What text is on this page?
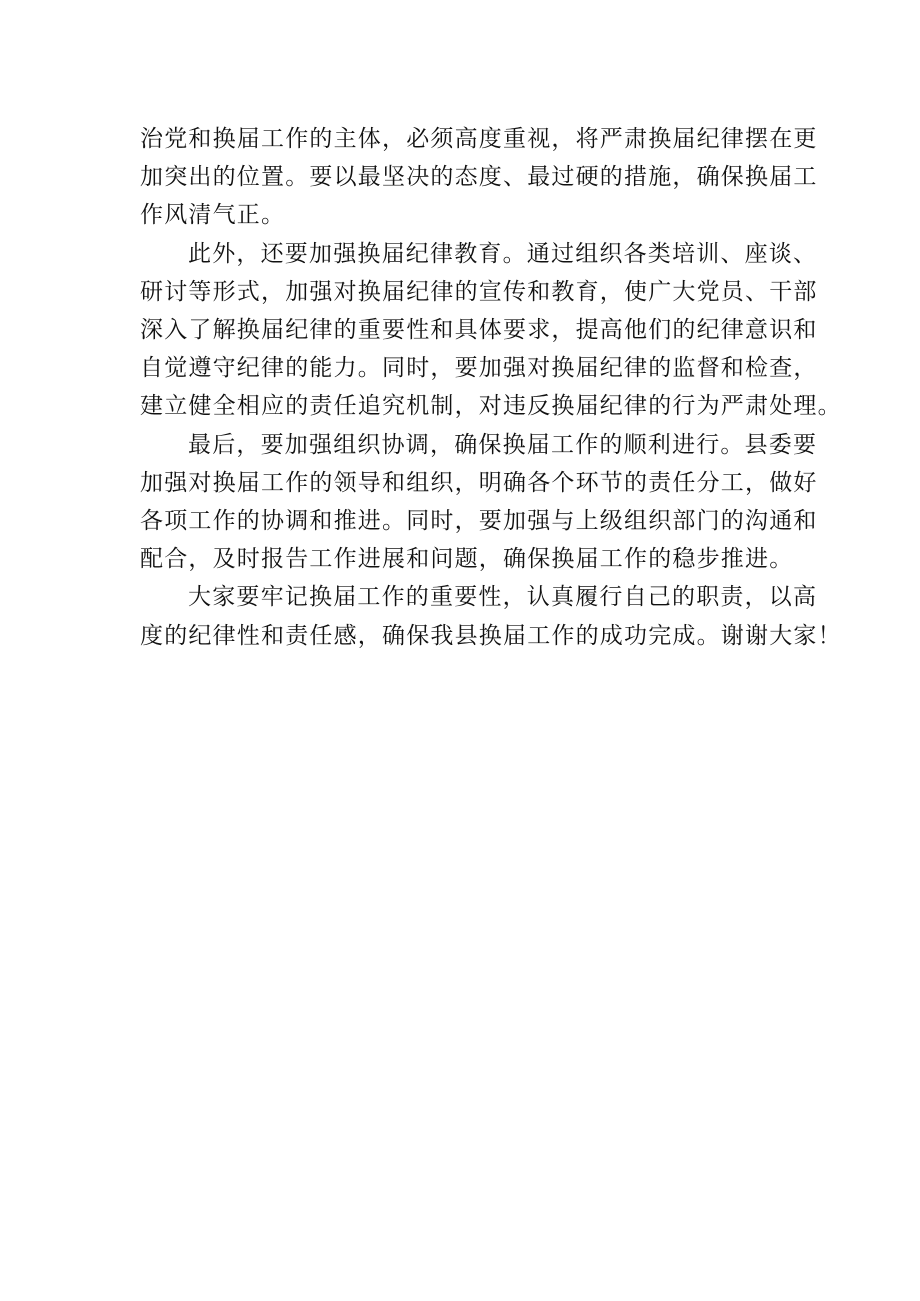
治党和换届工作的主体，必须高度重视，将严肃换届纪律摆在更
加突出的位置。要以最坚决的态度、最过硬的措施，确保换届工
作风清气正。
此外，还要加强换届纪律教育。通过组织各类培训、座谈、
研讨等形式，加强对换届纪律的宣传和教育，使广大党员、干部
深入了解换届纪律的重要性和具体要求，提高他们的纪律意识和
自觉遵守纪律的能力。同时，要加强对换届纪律的监督和检查，
建立健全相应的责任追究机制，对违反换届纪律的行为严肃处理。
最后，要加强组织协调，确保换届工作的顺利进行。县委要
加强对换届工作的领导和组织，明确各个环节的责任分工，做好
各项工作的协调和推进。同时，要加强与上级组织部门的沟通和
配合，及时报告工作进展和问题，确保换届工作的稳步推进。
大家要牢记换届工作的重要性，认真履行自己的职责，以高
度的纪律性和责任感，确保我县换届工作的成功完成。谢谢大家！
